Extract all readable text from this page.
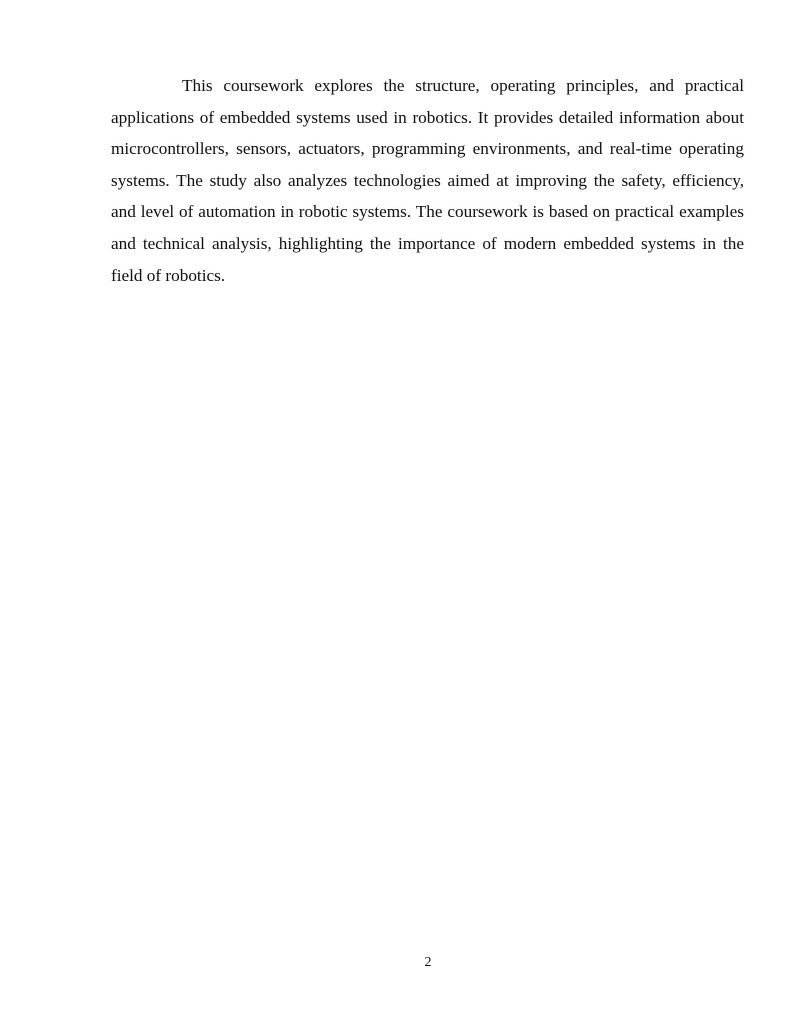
This coursework explores the structure, operating principles, and practical applications of embedded systems used in robotics. It provides detailed information about microcontrollers, sensors, actuators, programming environments, and real-time operating systems. The study also analyzes technologies aimed at improving the safety, efficiency, and level of automation in robotic systems. The coursework is based on practical examples and technical analysis, highlighting the importance of modern embedded systems in the field of robotics.

2
